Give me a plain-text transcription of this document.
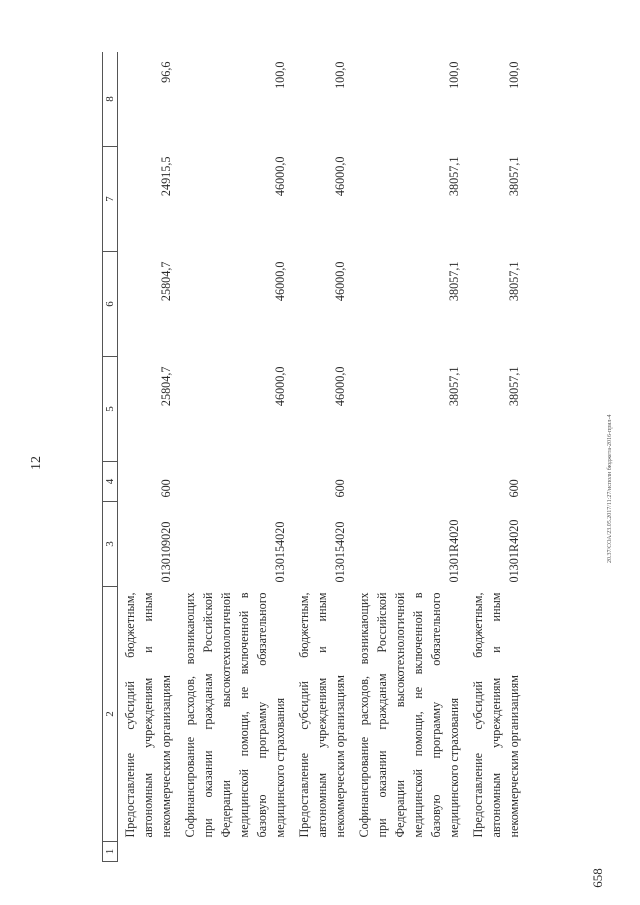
12
658
20.37/СОА/23.05.2017/11:27/исполн бюджета-2016-прил-4
1	2	3	4	5	6	7	8
	Предоставление субсидий бюджетным, автономным учреждениям и иным некоммерческим организациям	0130109020	600	25804,7	25804,7	24915,5	96,6
	Софинансирование расходов, возникающих при оказании гражданам Российской Федерации высокотехнологичной медицинской помощи, не включенной в базовую программу обязательного медицинского страхования	0130154020		46000,0	46000,0	46000,0	100,0
	Предоставление субсидий бюджетным, автономным учреждениям и иным некоммерческим организациям	0130154020	600	46000,0	46000,0	46000,0	100,0
	Софинансирование расходов, возникающих при оказании гражданам Российской Федерации высокотехнологичной медицинской помощи, не включенной в базовую программу обязательного медицинского страхования	01301R4020		38057,1	38057,1	38057,1	100,0
	Предоставление субсидий бюджетным, автономным учреждениям и иным некоммерческим организациям	01301R4020	600	38057,1	38057,1	38057,1	100,0
